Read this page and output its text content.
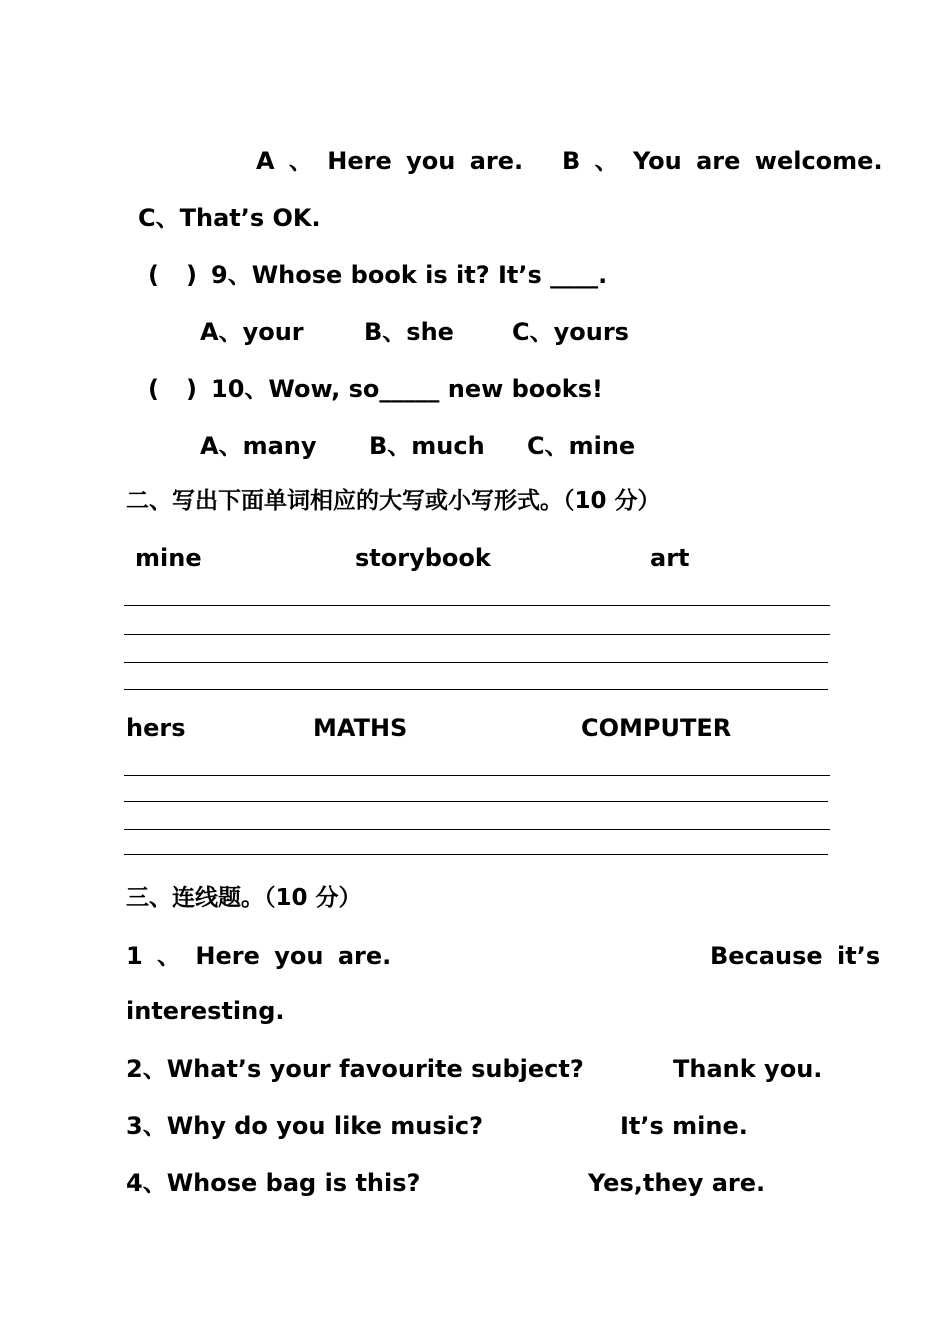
A 、 Here you are. B 、 You are welcome.
C、That’s OK.
( ) 9、Whose book is it? It’s ____.
A、your	B、she C、yours
( ) 10、Wow, so_____ new books!
A、many B、much C、mine
二、写出下面单词相应的大写或小写形式。（10 分）
mine	storybook	art
hers	MATHS	COMPUTER
三、连线题。（10 分）
1 、 Here you are.	Because it’s
interesting.
2、What’s your favourite subject?	Thank you.
3、Why do you like music?	It’s mine.
4、Whose bag is this?	Yes,they are.
